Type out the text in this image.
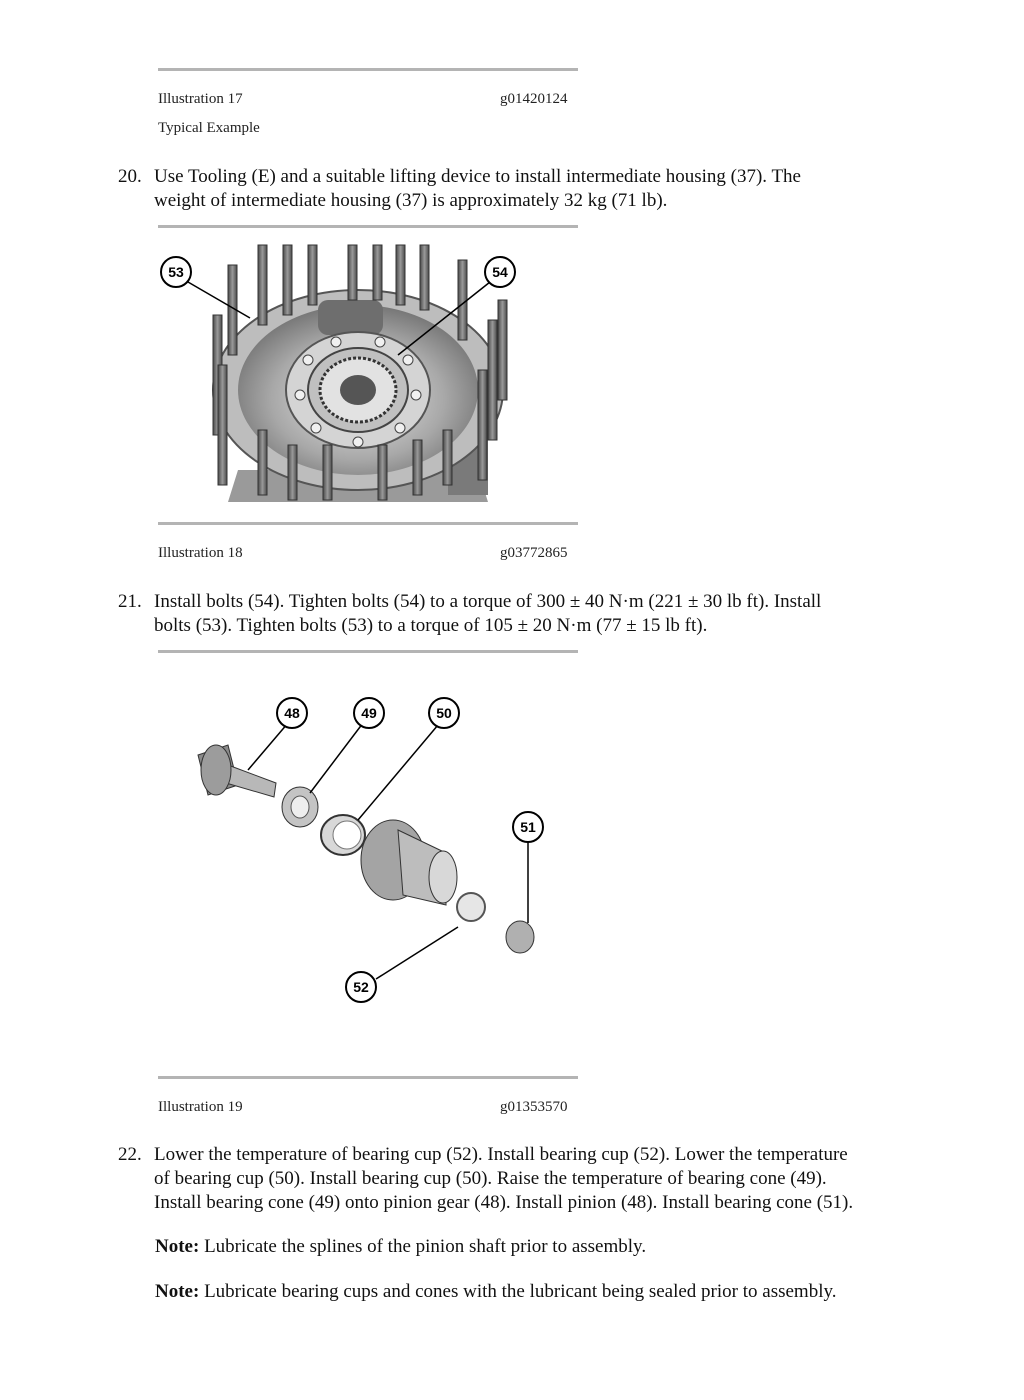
Illustration 17	g01420124
Typical Example
20. Use Tooling (E) and a suitable lifting device to install intermediate housing (37). The
weight of intermediate housing (37) is approximately 32 kg (71 lb).
53	54
Illustration 18	g03772865
21. Install bolts (54). Tighten bolts (54) to a torque of 300 ± 40 N·m (221 ± 30 lb ft). Install
bolts (53). Tighten bolts (53) to a torque of 105 ± 20 N·m (77 ± 15 lb ft).
48	49	50
51
52
Illustration 19	g01353570
22. Lower the temperature of bearing cup (52). Install bearing cup (52). Lower the temperature
of bearing cup (50). Install bearing cup (50). Raise the temperature of bearing cone (49).
Install bearing cone (49) onto pinion gear (48). Install pinion (48). Install bearing cone (51).
Note: Lubricate the splines of the pinion shaft prior to assembly.
Note: Lubricate bearing cups and cones with the lubricant being sealed prior to assembly.
